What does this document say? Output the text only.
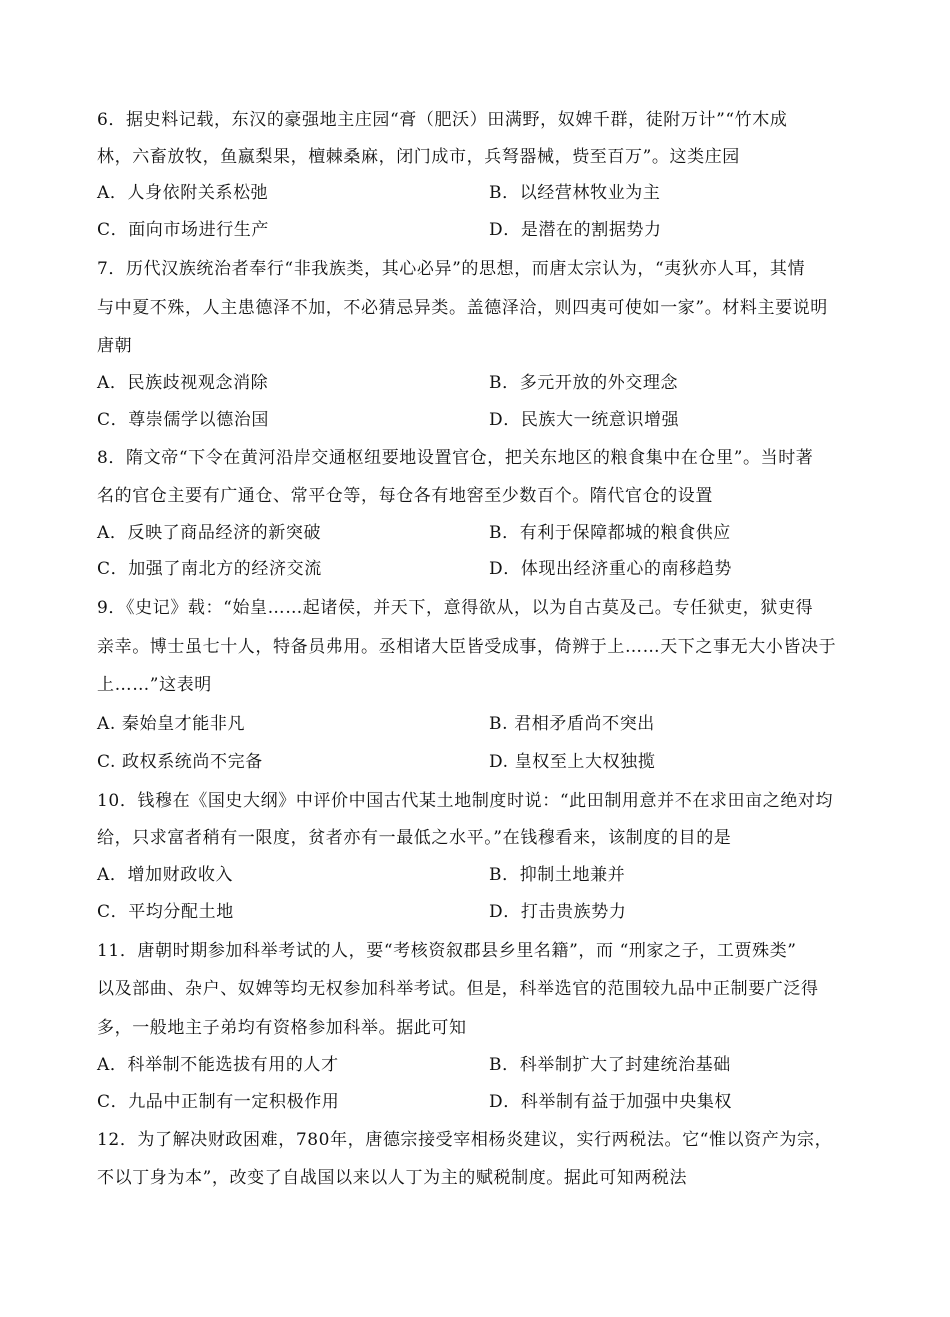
6．据史料记载，东汉的豪强地主庄园“膏（肥沃）田满野，奴婢千群，徒附万计”“竹木成
林，六畜放牧，鱼嬴梨果，檀棘桑麻，闭门成市，兵弩器械，赀至百万”。这类庄园
A．人身依附关系松弛	B．以经营林牧业为主
C．面向市场进行生产	D．是潜在的割据势力
7．历代汉族统治者奉行“非我族类，其心必异”的思想，而唐太宗认为，“夷狄亦人耳，其情
与中夏不殊，人主患德泽不加，不必猜忌异类。盖德泽洽，则四夷可使如一家”。材料主要说明
唐朝
A．民族歧视观念消除	B．多元开放的外交理念
C．尊崇儒学以德治国	D．民族大一统意识增强
8．隋文帝“下令在黄河沿岸交通枢纽要地设置官仓，把关东地区的粮食集中在仓里”。当时著
名的官仓主要有广通仓、常平仓等，每仓各有地窖至少数百个。隋代官仓的设置
A．反映了商品经济的新突破	B．有利于保障都城的粮食供应
C．加强了南北方的经济交流	D．体现出经济重心的南移趋势
9．《史记》载：“始皇……起诸侯，并天下，意得欲从，以为自古莫及己。专任狱吏，狱吏得
亲幸。博士虽七十人，特备员弗用。丞相诸大臣皆受成事，倚辨于上……天下之事无大小皆决于
上……”这表明
A. 秦始皇才能非凡	B. 君相矛盾尚不突出
C. 政权系统尚不完备	D. 皇权至上大权独揽
10．钱穆在《国史大纲》中评价中国古代某土地制度时说：“此田制用意并不在求田亩之绝对均
给，只求富者稍有一限度，贫者亦有一最低之水平。”在钱穆看来，该制度的目的是
A．增加财政收入	B．抑制土地兼并
C．平均分配土地	D．打击贵族势力
11．唐朝时期参加科举考试的人，要“考核资叙郡县乡里名籍”，而 “刑家之子，工贾殊类”
以及部曲、杂户、奴婢等均无权参加科举考试。但是，科举选官的范围较九品中正制要广泛得
多，一般地主子弟均有资格参加科举。据此可知
A．科举制不能选拔有用的人才	B．科举制扩大了封建统治基础
C．九品中正制有一定积极作用	D．科举制有益于加强中央集权
12．为了解决财政困难，780年，唐德宗接受宰相杨炎建议，实行两税法。它“惟以资产为宗，
不以丁身为本”，改变了自战国以来以人丁为主的赋税制度。据此可知两税法
